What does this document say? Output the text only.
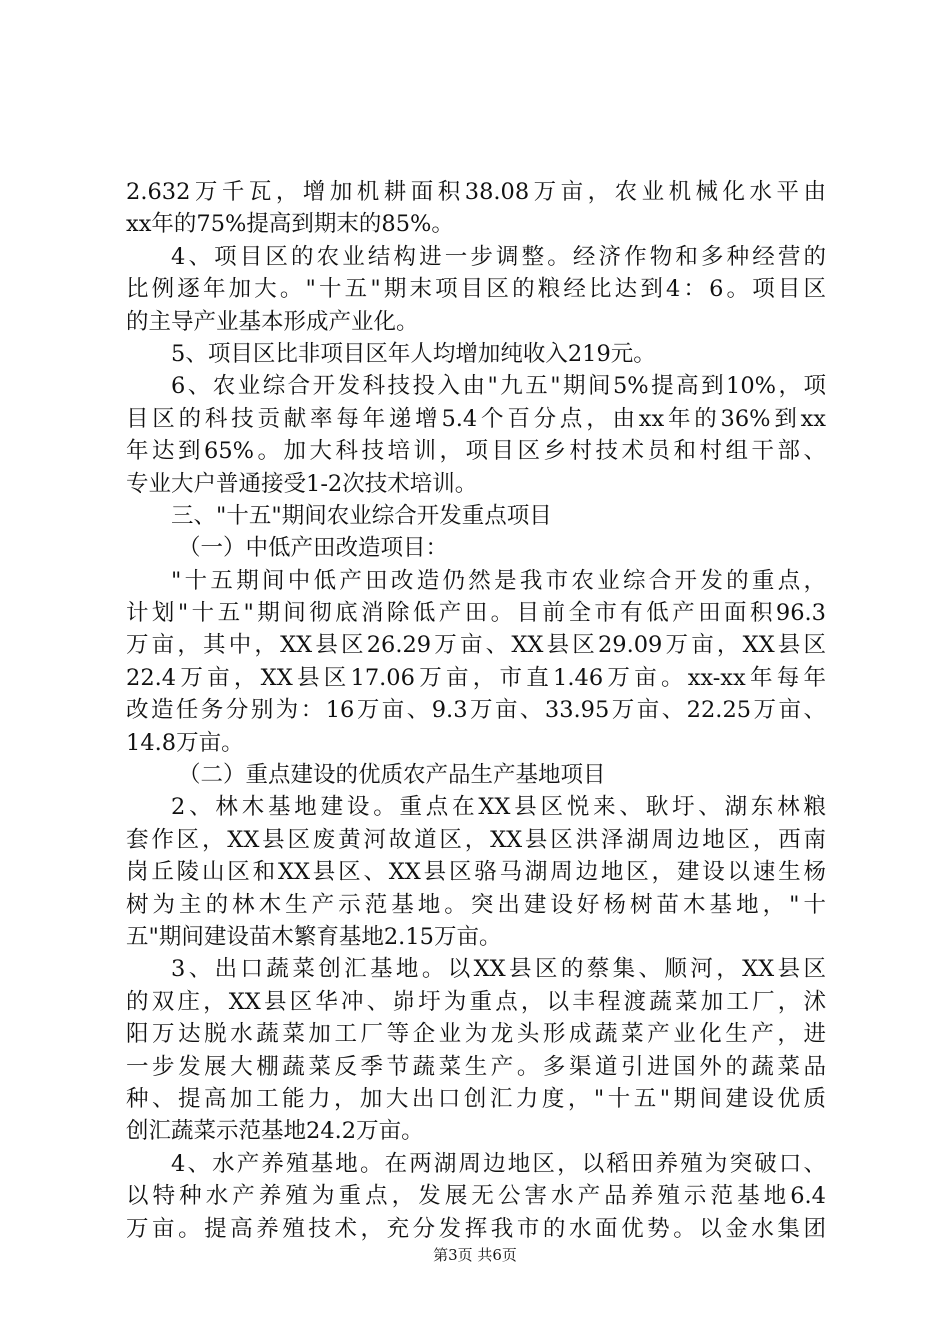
2.632万千瓦，增加机耕面积38.08万亩，农业机械化水平由
xx年的75%提高到期末的85%。
4、项目区的农业结构进一步调整。经济作物和多种经营的
比例逐年加大。"十五"期末项目区的粮经比达到4：6。项目区
的主导产业基本形成产业化。
5、项目区比非项目区年人均增加纯收入219元。
6、农业综合开发科技投入由"九五"期间5%提高到10%，项
目区的科技贡献率每年递增5.4个百分点，由xx年的36%到xx
年达到65%。加大科技培训，项目区乡村技术员和村组干部、
专业大户普通接受1-2次技术培训。
三、"十五"期间农业综合开发重点项目
（一）中低产田改造项目：
"十五期间中低产田改造仍然是我市农业综合开发的重点，
计划"十五"期间彻底消除低产田。目前全市有低产田面积96.3
万亩，其中，XX县区26.29万亩、XX县区29.09万亩，XX县区
22.4万亩，XX县区17.06万亩，市直1.46万亩。xx-xx年每年
改造任务分别为：16万亩、9.3万亩、33.95万亩、22.25万亩、
14.8万亩。
（二）重点建设的优质农产品生产基地项目
2、林木基地建设。重点在XX县区悦来、耿圩、湖东林粮
套作区，XX县区废黄河故道区，XX县区洪泽湖周边地区，西南
岗丘陵山区和XX县区、XX县区骆马湖周边地区，建设以速生杨
树为主的林木生产示范基地。突出建设好杨树苗木基地，"十
五"期间建设苗木繁育基地2.15万亩。
3、出口蔬菜创汇基地。以XX县区的蔡集、顺河，XX县区
的双庄，XX县区华冲、峁圩为重点，以丰程渡蔬菜加工厂，沭
阳万达脱水蔬菜加工厂等企业为龙头形成蔬菜产业化生产，进
一步发展大棚蔬菜反季节蔬菜生产。多渠道引进国外的蔬菜品
种、提高加工能力，加大出口创汇力度，"十五"期间建设优质
创汇蔬菜示范基地24.2万亩。
4、水产养殖基地。在两湖周边地区，以稻田养殖为突破口、
以特种水产养殖为重点，发展无公害水产品养殖示范基地6.4
万亩。提高养殖技术，充分发挥我市的水面优势。以金水集团
第3页 共6页
